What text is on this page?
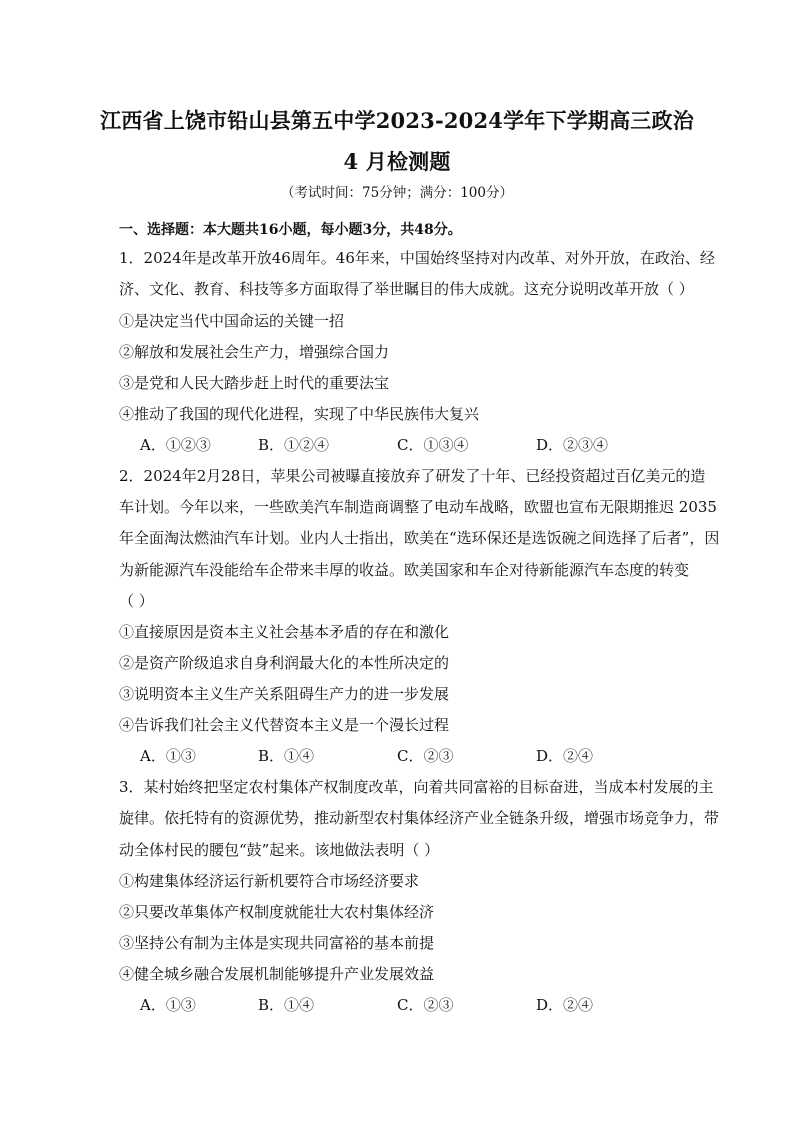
江西省上饶市铅山县第五中学2023-2024学年下学期高三政治
4 月检测题
（考试时间：75分钟；满分：100分）
一、选择题：本大题共16小题，每小题3分，共48分。
1．2024年是改革开放46周年。46年来，中国始终坚持对内改革、对外开放，在政治、经
济、文化、教育、科技等多方面取得了举世瞩目的伟大成就。这充分说明改革开放（ ）
①是决定当代中国命运的关键一招
②解放和发展社会生产力，增强综合国力
③是党和人民大踏步赶上时代的重要法宝
④推动了我国的现代化进程，实现了中华民族伟大复兴
A．①②③	B．①②④	C．①③④	D．②③④
2．2024年2月28日，苹果公司被曝直接放弃了研发了十年、已经投资超过百亿美元的造
车计划。今年以来，一些欧美汽车制造商调整了电动车战略，欧盟也宣布无限期推迟 2035
年全面淘汰燃油汽车计划。业内人士指出，欧美在“选环保还是选饭碗之间选择了后者”，因
为新能源汽车没能给车企带来丰厚的收益。欧美国家和车企对待新能源汽车态度的转变
（ ）
①直接原因是资本主义社会基本矛盾的存在和激化
②是资产阶级追求自身利润最大化的本性所决定的
③说明资本主义生产关系阻碍生产力的进一步发展
④告诉我们社会主义代替资本主义是一个漫长过程
A．①③	B．①④	C．②③	D．②④
3．某村始终把坚定农村集体产权制度改革，向着共同富裕的目标奋进，当成本村发展的主
旋律。依托特有的资源优势，推动新型农村集体经济产业全链条升级，增强市场竞争力，带
动全体村民的腰包“鼓”起来。该地做法表明（ ）
①构建集体经济运行新机要符合市场经济要求
②只要改革集体产权制度就能壮大农村集体经济
③坚持公有制为主体是实现共同富裕的基本前提
④健全城乡融合发展机制能够提升产业发展效益
A．①③	B．①④	C．②③	D．②④
